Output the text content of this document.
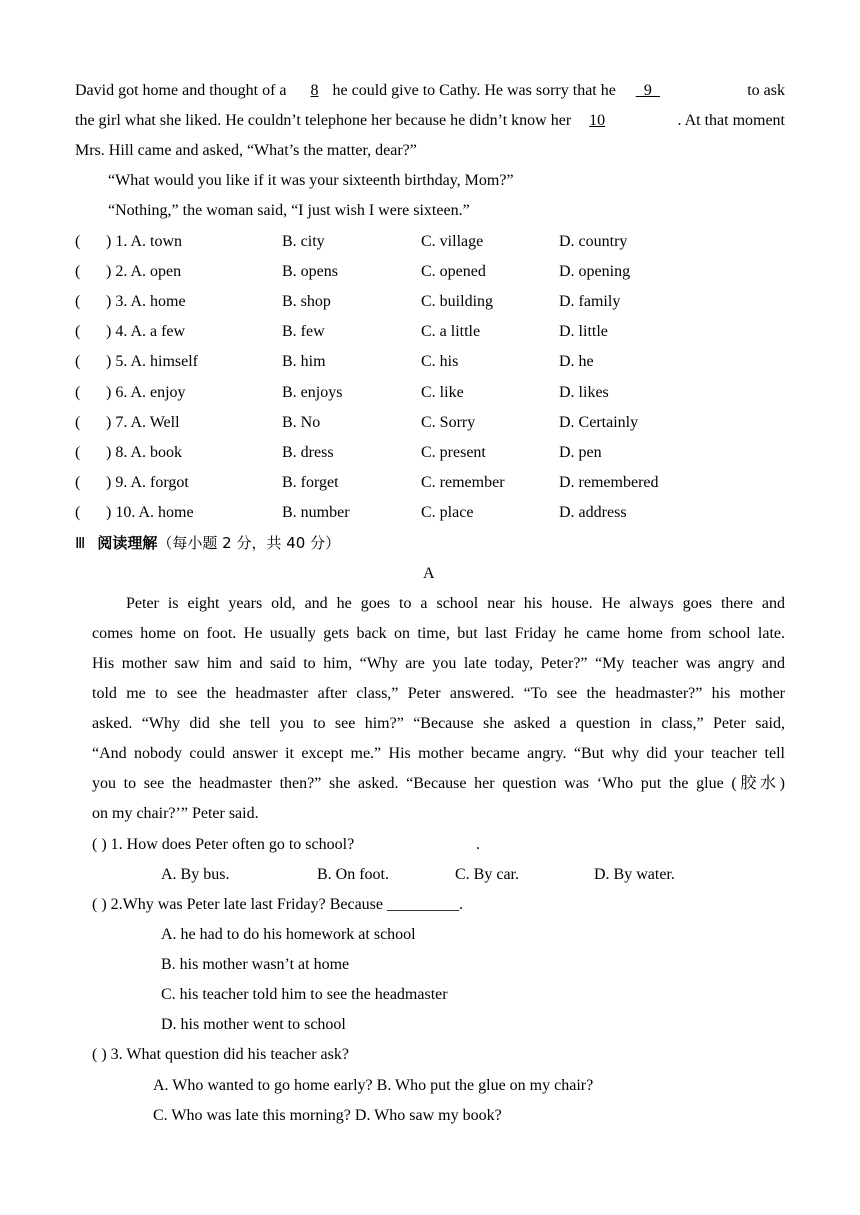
David got home and thought of a 8 he could give to Cathy. He was sorry that he _9_	to ask
the girl what she liked. He couldn’t telephone her because he didn’t know her 10	. At that moment
Mrs. Hill came and asked, “What’s the matter, dear?”
“What would you like if it was your sixteenth birthday, Mom?”
“Nothing,” the woman said, “I just wish I were sixteen.”
( ) 1. A. town	B. city	C. village	D. country
( ) 2. A. open	B. opens	C. opened	D. opening
( ) 3. A. home	B. shop	C. building	D. family
( ) 4. A. a few	B. few	C. a little	D. little
( ) 5. A. himself	B. him	C. his	D. he
( ) 6. A. enjoy	B. enjoys	C. like	D. likes
( ) 7. A. Well	B. No	C. Sorry	D. Certainly
( ) 8. A. book	B. dress	C. present	D. pen
( ) 9. A. forgot	B. forget	C. remember	D. remembered
( ) 10. A. home	B. number	C. place	D. address
Ⅲ 阅读理解（每小题 2 分，共 40 分）
A
Peter is eight years old, and he goes to a school near his house. He always goes there and
comes home on foot. He usually gets back on time, but last Friday he came home from school late.
His mother saw him and said to him, “Why are you late today, Peter?” “My teacher was angry and
told me to see the headmaster after class,” Peter answered. “To see the headmaster?” his mother
asked. “Why did she tell you to see him?” “Because she asked a question in class,” Peter said,
“And nobody could answer it except me.” His mother became angry. “But why did your teacher tell
you to see the headmaster then?” she asked. “Because her question was ‘Who put the glue (胶水)
on my chair?’” Peter said.
( ) 1. How does Peter often go to school?	.
A. By bus.	B. On foot.	C. By car.	D. By water.
( ) 2.Why was Peter late last Friday? Because _________.
A. he had to do his homework at school
B. his mother wasn’t at home
C. his teacher told him to see the headmaster
D. his mother went to school
( ) 3. What question did his teacher ask?
A. Who wanted to go home early? B. Who put the glue on my chair?
C. Who was late this morning? D. Who saw my book?
